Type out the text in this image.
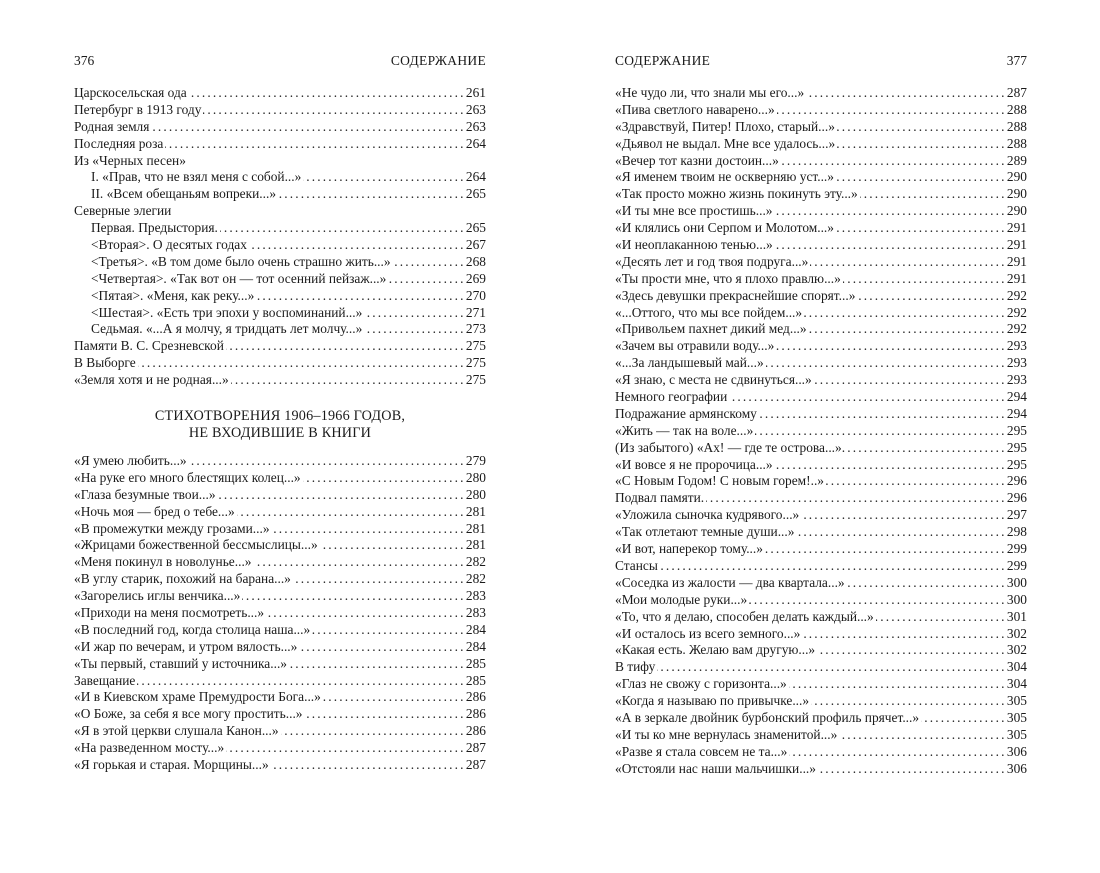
376	СОДЕРЖАНИЕ
Царскосельская ода . . .	261
Петербург в 1913 году . . .	263
Родная земля . . .	263
Последняя роза . . .	264
Из «Черных песен»
I. «Прав, что не взял меня с собой...» . . .	264
II. «Всем обещаньям вопреки...» . . .	265
Северные элегии
Первая. Предыстория. . . .	265
<Вторая>. О десятых годах . . .	267
<Третья>. «В том доме было очень страшно жить...» . . .	268
<Четвертая>. «Так вот он — тот осенний пейзаж...» . . .	269
<Пятая>. «Меня, как реку...» . . .	270
<Шестая>. «Есть три эпохи у воспоминаний...» . . .	271
Седьмая. «...А я молчу, я тридцать лет молчу...» . . .	273
Памяти В. С. Срезневской . . .	275
В Выборге . . .	275
«Земля хотя и не родная...» . . .	275
СТИХОТВОРЕНИЯ 1906–1966 ГОДОВ,
НЕ ВХОДИВШИЕ В КНИГИ
«Я умею любить...» . . .	279
«На руке его много блестящих колец...» . . .	280
«Глаза безумные твои...» . . .	280
«Ночь моя — бред о тебе...» . . .	281
«В промежутки между грозами...» . . .	281
«Жрицами божественной бессмыслицы...» . . .	281
«Меня покинул в новолунье...» . . .	282
«В углу старик, похожий на барана...» . . .	282
«Загорелись иглы венчика...» . . .	283
«Приходи на меня посмотреть...» . . .	283
«В последний год, когда столица наша...» . . .	284
«И жар по вечерам, и утром вялость...» . . .	284
«Ты первый, ставший у источника...» . . .	285
Завещание . . .	285
«И в Киевском храме Премудрости Бога...» . . .	286
«О Боже, за себя я все могу простить...» . . .	286
«Я в этой церкви слушала Канон...» . . .	286
«На разведенном мосту...» . . .	287
«Я горькая и старая. Морщины...» . . .	287
СОДЕРЖАНИЕ	377
«Не чудо ли, что знали мы его...» . . .	287
«Пива светлого наварено...» . . .	288
«Здравствуй, Питер! Плохо, старый...» . . .	288
«Дьявол не выдал. Мне все удалось...» . . .	288
«Вечер тот казни достоин...» . . .	289
«Я именем твоим не оскверняю уст...» . . .	290
«Так просто можно жизнь покинуть эту...» . . .	290
«И ты мне все простишь...» . . .	290
«И клялись они Серпом и Молотом...» . . .	291
«И неоплаканною тенью...» . . .	291
«Десять лет и год твоя подруга...» . . .	291
«Ты прости мне, что я плохо правлю...» . . .	291
«Здесь девушки прекраснейшие спорят...» . . .	292
«...Оттого, что мы все пойдем...» . . .	292
«Привольем пахнет дикий мед...» . . .	292
«Зачем вы отравили воду...» . . .	293
«...За ландышевый май...» . . .	293
«Я знаю, с места не сдвинуться...» . . .	293
Немного географии . . .	294
Подражание армянскому . . .	294
«Жить — так на воле...» . . .	295
(Из забытого) «Ах! — где те острова...». . . .	295
«И вовсе я не пророчица...» . . .	295
«С Новым Годом! С новым горем!..» . . .	296
Подвал памяти. . . .	296
«Уложила сыночка кудрявого...» . . .	297
«Так отлетают темные души...» . . .	298
«И вот, наперекор тому...» . . .	299
Стансы . . .	299
«Соседка из жалости — два квартала...» . . .	300
«Мои молодые руки...» . . .	300
«То, что я делаю, способен делать каждый...» . . .	301
«И осталось из всего земного...» . . .	302
«Какая есть. Желаю вам другую...» . . .	302
В тифу . . .	304
«Глаз не свожу с горизонта...» . . .	304
«Когда я называю по привычке...» . . .	305
«А в зеркале двойник бурбонский профиль прячет...» . . .	305
«И ты ко мне вернулась знаменитой...» . . .	305
«Разве я стала совсем не та...» . . .	306
«Отстояли нас наши мальчишки...» . . .	306
